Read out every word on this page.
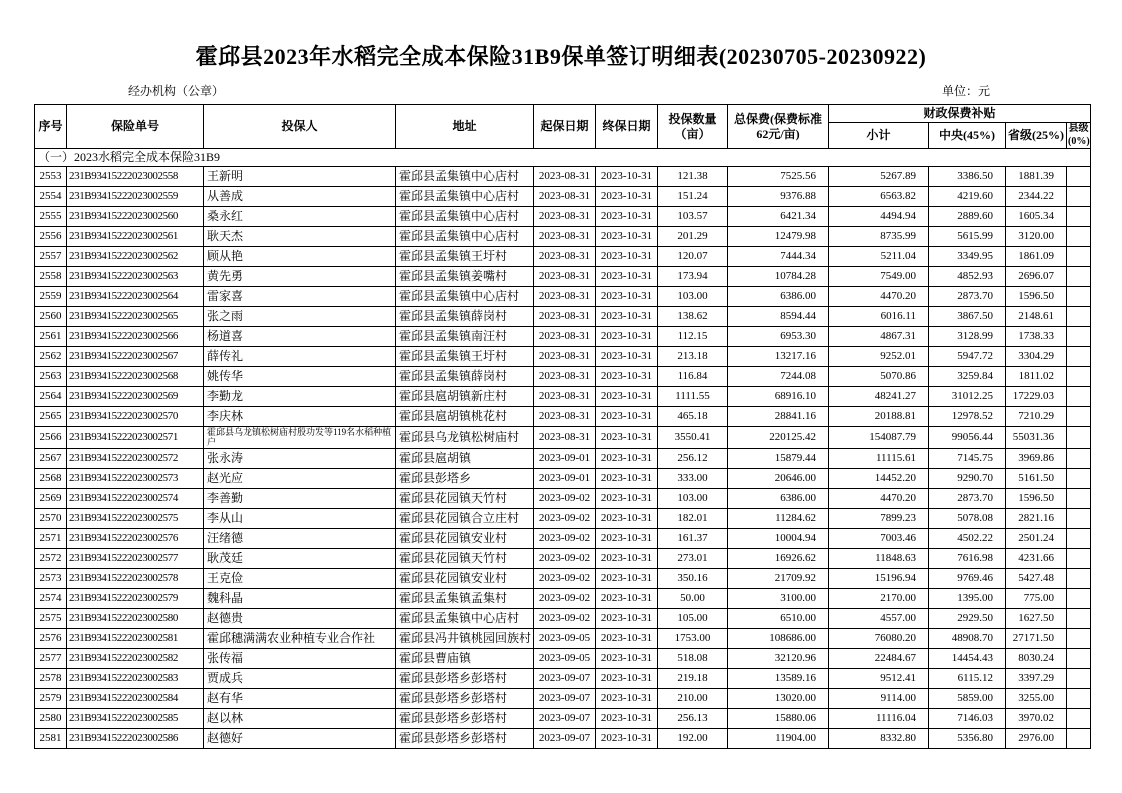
霍邱县2023年水稻完全成本保险31B9保单签订明细表(20230705-20230922)
经办机构（公章）	单位：元
序号	保险单号	投保人	地址	起保日期	终保日期	投保数量（亩）	总保费(保费标准62元/亩)	财政保费补贴			
								小计	中央(45%)	省级(25%)	县级(0%)
（一）2023水稻完全成本保险31B9											
2553	231B93415222023002558	王新明	霍邱县孟集镇中心店村	2023-08-31	2023-10-31	121.38	7525.56	5267.89	3386.50	1881.39	
2554	231B93415222023002559	从善成	霍邱县孟集镇中心店村	2023-08-31	2023-10-31	151.24	9376.88	6563.82	4219.60	2344.22	
2555	231B93415222023002560	桑永红	霍邱县孟集镇中心店村	2023-08-31	2023-10-31	103.57	6421.34	4494.94	2889.60	1605.34	
2556	231B93415222023002561	耿天杰	霍邱县孟集镇中心店村	2023-08-31	2023-10-31	201.29	12479.98	8735.99	5615.99	3120.00	
2557	231B93415222023002562	顾从艳	霍邱县孟集镇王圩村	2023-08-31	2023-10-31	120.07	7444.34	5211.04	3349.95	1861.09	
2558	231B93415222023002563	黄先勇	霍邱县孟集镇姜嘴村	2023-08-31	2023-10-31	173.94	10784.28	7549.00	4852.93	2696.07	
2559	231B93415222023002564	雷家喜	霍邱县孟集镇中心店村	2023-08-31	2023-10-31	103.00	6386.00	4470.20	2873.70	1596.50	
2560	231B93415222023002565	张之雨	霍邱县孟集镇薛岗村	2023-08-31	2023-10-31	138.62	8594.44	6016.11	3867.50	2148.61	
2561	231B93415222023002566	杨道喜	霍邱县孟集镇南汪村	2023-08-31	2023-10-31	112.15	6953.30	4867.31	3128.99	1738.33	
2562	231B93415222023002567	薛传礼	霍邱县孟集镇王圩村	2023-08-31	2023-10-31	213.18	13217.16	9252.01	5947.72	3304.29	
2563	231B93415222023002568	姚传华	霍邱县孟集镇薛岗村	2023-08-31	2023-10-31	116.84	7244.08	5070.86	3259.84	1811.02	
2564	231B93415222023002569	李勤龙	霍邱县扈胡镇新庄村	2023-08-31	2023-10-31	1111.55	68916.10	48241.27	31012.25	17229.03	
2565	231B93415222023002570	李庆林	霍邱县扈胡镇桃花村	2023-08-31	2023-10-31	465.18	28841.16	20188.81	12978.52	7210.29	
2566	231B93415222023002571	霍邱县乌龙镇松树庙村殷功发等119名水稻种植户	霍邱县乌龙镇松树庙村	2023-08-31	2023-10-31	3550.41	220125.42	154087.79	99056.44	55031.36	
2567	231B93415222023002572	张永涛	霍邱县扈胡镇	2023-09-01	2023-10-31	256.12	15879.44	11115.61	7145.75	3969.86	
2568	231B93415222023002573	赵光应	霍邱县彭塔乡	2023-09-01	2023-10-31	333.00	20646.00	14452.20	9290.70	5161.50	
2569	231B93415222023002574	李善勤	霍邱县花园镇天竹村	2023-09-02	2023-10-31	103.00	6386.00	4470.20	2873.70	1596.50	
2570	231B93415222023002575	李从山	霍邱县花园镇合立庄村	2023-09-02	2023-10-31	182.01	11284.62	7899.23	5078.08	2821.16	
2571	231B93415222023002576	汪绪德	霍邱县花园镇安业村	2023-09-02	2023-10-31	161.37	10004.94	7003.46	4502.22	2501.24	
2572	231B93415222023002577	耿茂廷	霍邱县花园镇天竹村	2023-09-02	2023-10-31	273.01	16926.62	11848.63	7616.98	4231.66	
2573	231B93415222023002578	王克俭	霍邱县花园镇安业村	2023-09-02	2023-10-31	350.16	21709.92	15196.94	9769.46	5427.48	
2574	231B93415222023002579	魏科晶	霍邱县孟集镇孟集村	2023-09-02	2023-10-31	50.00	3100.00	2170.00	1395.00	775.00	
2575	231B93415222023002580	赵德贵	霍邱县孟集镇中心店村	2023-09-02	2023-10-31	105.00	6510.00	4557.00	2929.50	1627.50	
2576	231B93415222023002581	霍邱穗满满农业种植专业合作社	霍邱县冯井镇桃园回族村	2023-09-05	2023-10-31	1753.00	108686.00	76080.20	48908.70	27171.50	
2577	231B93415222023002582	张传福	霍邱县曹庙镇	2023-09-05	2023-10-31	518.08	32120.96	22484.67	14454.43	8030.24	
2578	231B93415222023002583	贾成兵	霍邱县彭塔乡彭塔村	2023-09-07	2023-10-31	219.18	13589.16	9512.41	6115.12	3397.29	
2579	231B93415222023002584	赵有华	霍邱县彭塔乡彭塔村	2023-09-07	2023-10-31	210.00	13020.00	9114.00	5859.00	3255.00	
2580	231B93415222023002585	赵以林	霍邱县彭塔乡彭塔村	2023-09-07	2023-10-31	256.13	15880.06	11116.04	7146.03	3970.02	
2581	231B93415222023002586	赵德好	霍邱县彭塔乡彭塔村	2023-09-07	2023-10-31	192.00	11904.00	8332.80	5356.80	2976.00	
